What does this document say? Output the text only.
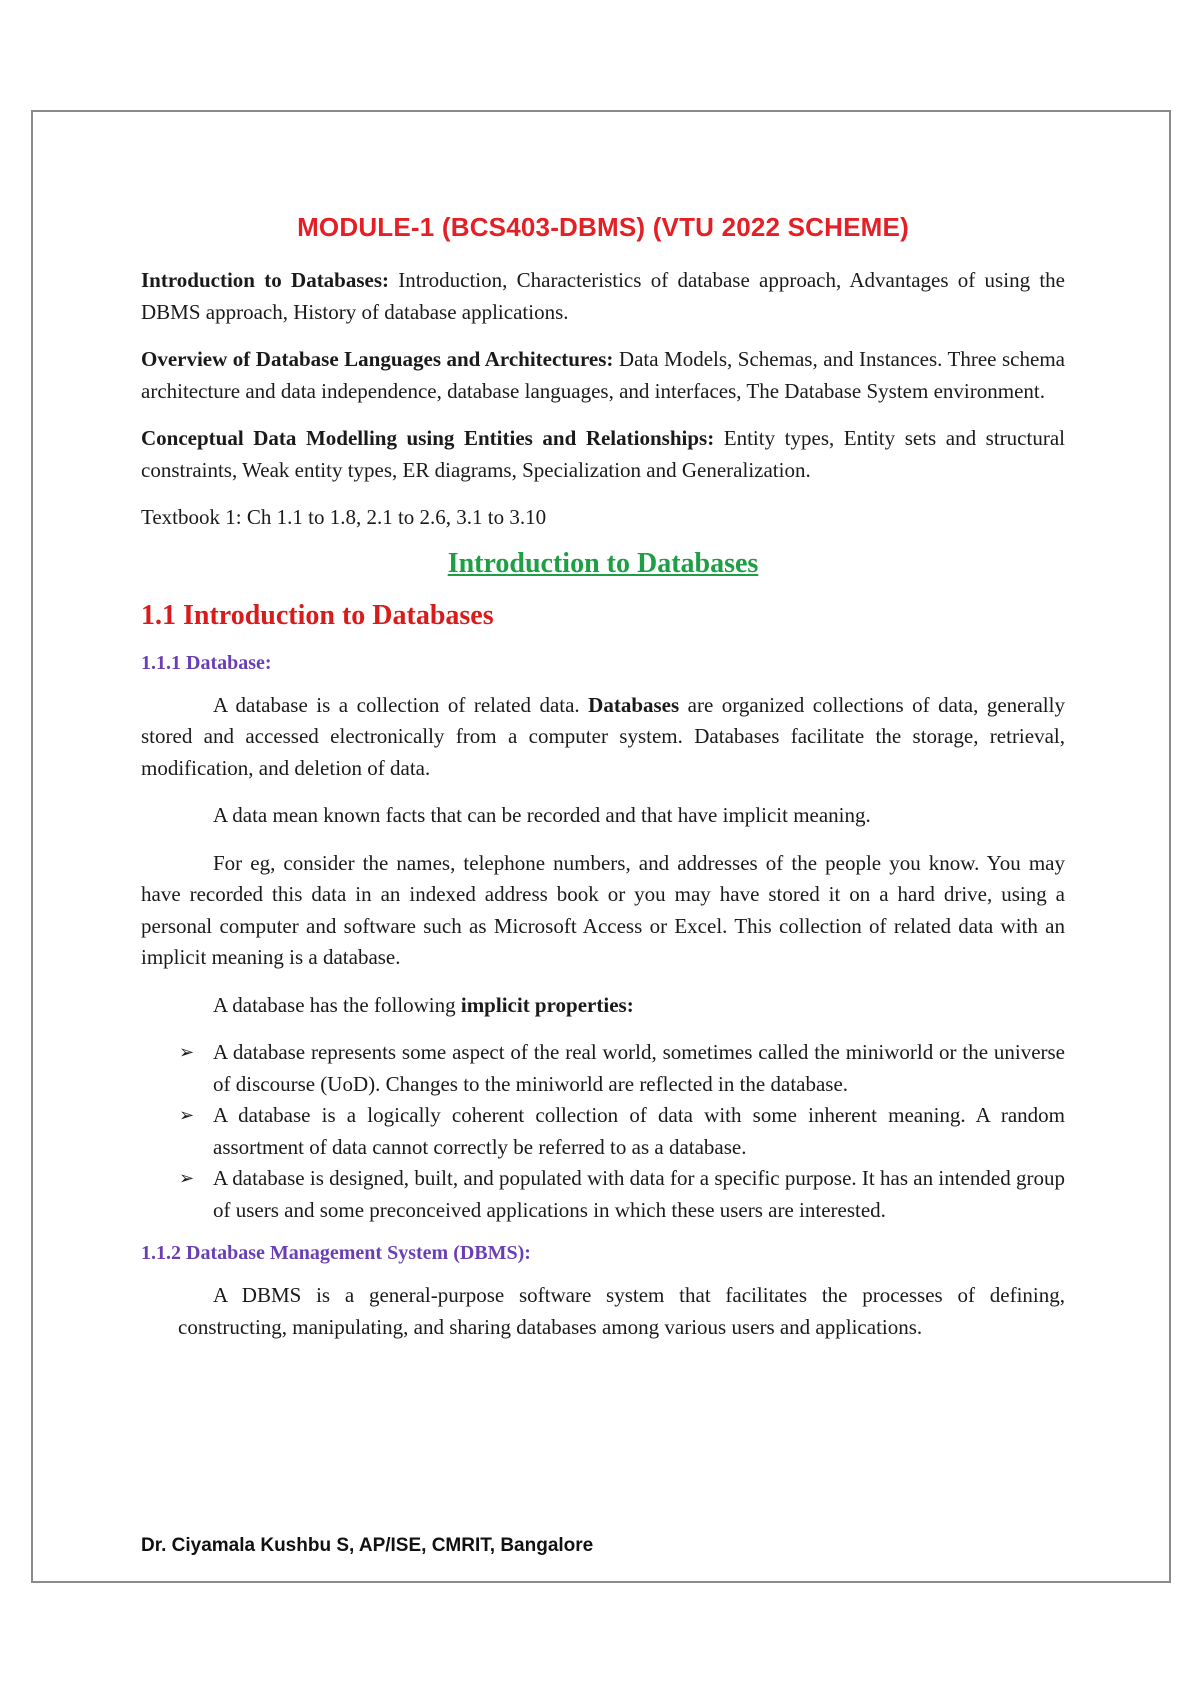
MODULE-1 (BCS403-DBMS) (VTU 2022 SCHEME)

Introduction to Databases: Introduction, Characteristics of database approach, Advantages of using the DBMS approach, History of database applications.

Overview of Database Languages and Architectures: Data Models, Schemas, and Instances. Three schema architecture and data independence, database languages, and interfaces, The Database System environment.

Conceptual Data Modelling using Entities and Relationships: Entity types, Entity sets and structural constraints, Weak entity types, ER diagrams, Specialization and Generalization.

Textbook 1: Ch 1.1 to 1.8, 2.1 to 2.6, 3.1 to 3.10

Introduction to Databases
1.1 Introduction to Databases
1.1.1 Database:

A database is a collection of related data. Databases are organized collections of data, generally stored and accessed electronically from a computer system. Databases facilitate the storage, retrieval, modification, and deletion of data.

A data mean known facts that can be recorded and that have implicit meaning.

For eg, consider the names, telephone numbers, and addresses of the people you know. You may have recorded this data in an indexed address book or you may have stored it on a hard drive, using a personal computer and software such as Microsoft Access or Excel. This collection of related data with an implicit meaning is a database.

A database has the following implicit properties:

➢ A database represents some aspect of the real world, sometimes called the miniworld or the universe of discourse (UoD). Changes to the miniworld are reflected in the database.
➢ A database is a logically coherent collection of data with some inherent meaning. A random assortment of data cannot correctly be referred to as a database.
➢ A database is designed, built, and populated with data for a specific purpose. It has an intended group of users and some preconceived applications in which these users are interested.
1.1.2 Database Management System (DBMS):

A DBMS is a general-purpose software system that facilitates the processes of defining, constructing, manipulating, and sharing databases among various users and applications.

Dr. Ciyamala Kushbu S, AP/ISE, CMRIT, Bangalore
